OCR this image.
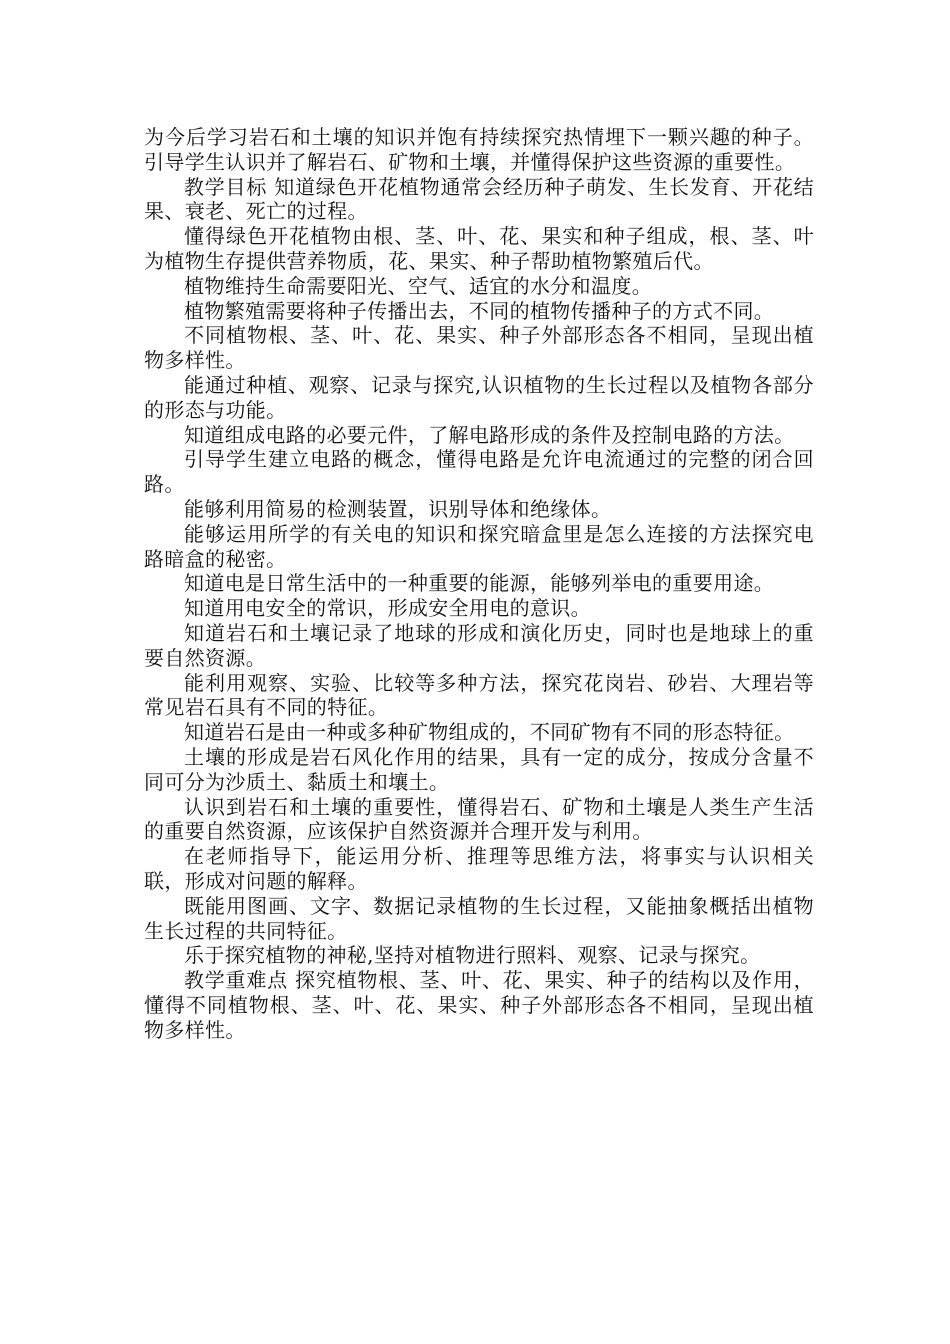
为今后学习岩石和土壤的知识并饱有持续探究热情埋下一颗兴趣的种子。引导学生认识并了解岩石、矿物和土壤，并懂得保护这些资源的重要性。

教学目标 知道绿色开花植物通常会经历种子萌发、生长发育、开花结果、衰老、死亡的过程。

懂得绿色开花植物由根、茎、叶、花、果实和种子组成，根、茎、叶为植物生存提供营养物质，花、果实、种子帮助植物繁殖后代。

植物维持生命需要阳光、空气、适宜的水分和温度。

植物繁殖需要将种子传播出去，不同的植物传播种子的方式不同。

不同植物根、茎、叶、花、果实、种子外部形态各不相同，呈现出植物多样性。

能通过种植、观察、记录与探究,认识植物的生长过程以及植物各部分的形态与功能。

知道组成电路的必要元件，了解电路形成的条件及控制电路的方法。

引导学生建立电路的概念，懂得电路是允许电流通过的完整的闭合回路。

能够利用简易的检测装置，识别导体和绝缘体。

能够运用所学的有关电的知识和探究暗盒里是怎么连接的方法探究电路暗盒的秘密。

知道电是日常生活中的一种重要的能源，能够列举电的重要用途。

知道用电安全的常识，形成安全用电的意识。

知道岩石和土壤记录了地球的形成和演化历史，同时也是地球上的重要自然资源。

能利用观察、实验、比较等多种方法，探究花岗岩、砂岩、大理岩等常见岩石具有不同的特征。

知道岩石是由一种或多种矿物组成的，不同矿物有不同的形态特征。

土壤的形成是岩石风化作用的结果，具有一定的成分，按成分含量不同可分为沙质土、黏质土和壤土。

认识到岩石和土壤的重要性，懂得岩石、矿物和土壤是人类生产生活的重要自然资源，应该保护自然资源并合理开发与利用。

在老师指导下，能运用分析、推理等思维方法，将事实与认识相关联，形成对问题的解释。

既能用图画、文字、数据记录植物的生长过程，又能抽象概括出植物生长过程的共同特征。

乐于探究植物的神秘,坚持对植物进行照料、观察、记录与探究。

教学重难点 探究植物根、茎、叶、花、果实、种子的结构以及作用，懂得不同植物根、茎、叶、花、果实、种子外部形态各不相同，呈现出植物多样性。
